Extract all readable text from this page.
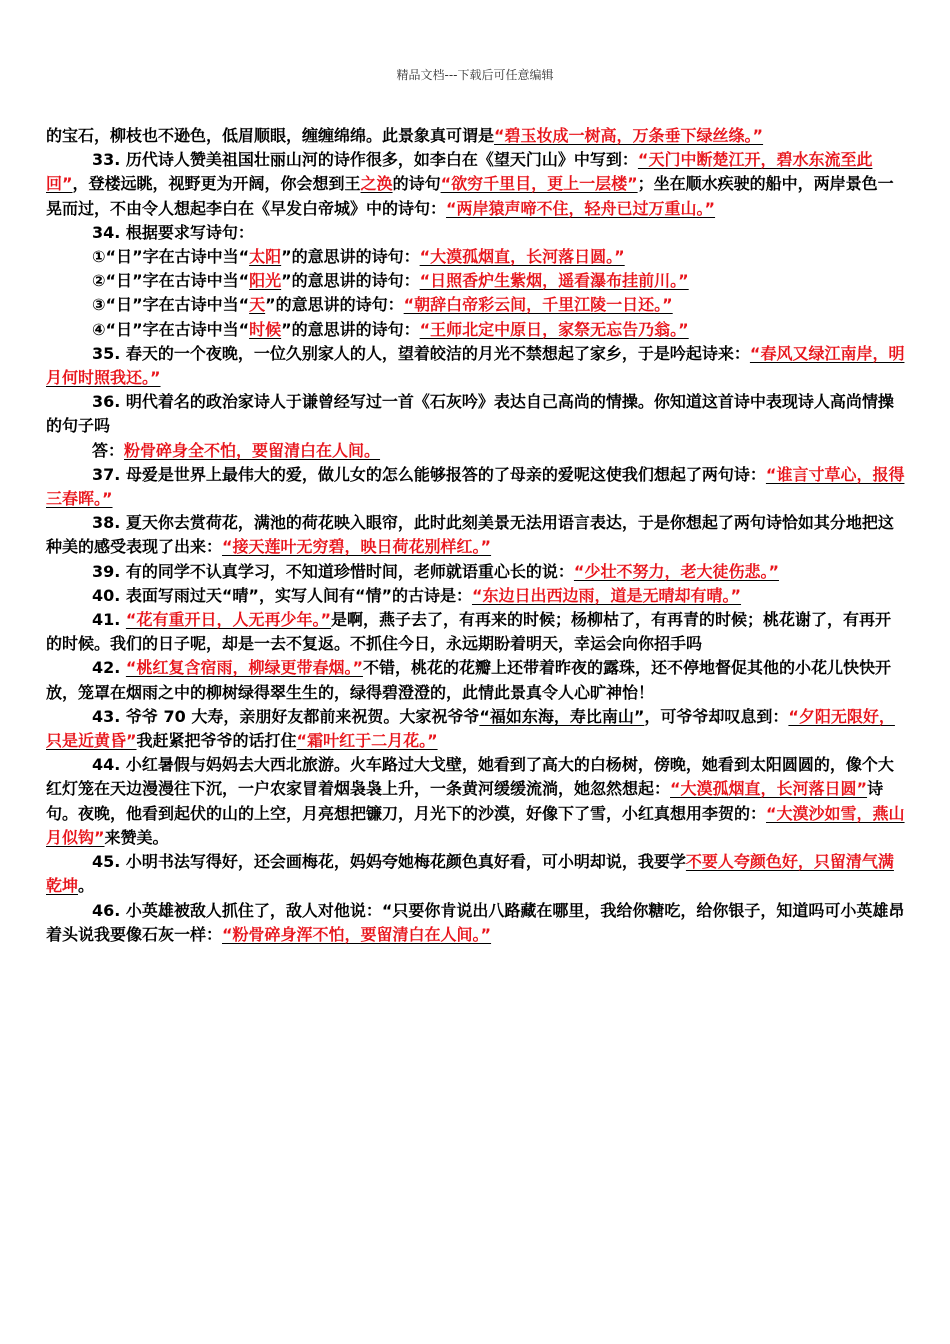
精品文档---下载后可任意编辑

的宝石，柳枝也不逊色，低眉顺眼，缠缠绵绵。此景象真可谓是“碧玉妆成一树高，万条垂下绿丝绦。”

33. 历代诗人赞美祖国壮丽山河的诗作很多，如李白在《望天门山》中写到：“天门中断楚江开，碧水东流至此回”，登楼远眺，视野更为开阔，你会想到王之涣的诗句“欲穷千里目，更上一层楼”；坐在顺水疾驶的船中，两岸景色一晃而过，不由令人想起李白在《早发白帝城》中的诗句：“两岸猿声啼不住，轻舟已过万重山。”

34. 根据要求写诗句：

①“日”字在古诗中当“太阳”的意思讲的诗句：“大漠孤烟直，长河落日圆。”

②“日”字在古诗中当“阳光”的意思讲的诗句：“日照香炉生紫烟，遥看瀑布挂前川。”

③“日”字在古诗中当“天”的意思讲的诗句：“朝辞白帝彩云间，千里江陵一日还。”

④“日”字在古诗中当“时候”的意思讲的诗句：“王师北定中原日，家祭无忘告乃翁。”

35. 春天的一个夜晚，一位久别家人的人，望着皎洁的月光不禁想起了家乡，于是吟起诗来：“春风又绿江南岸，明月何时照我还。”

36. 明代着名的政治家诗人于谦曾经写过一首《石灰吟》表达自己高尚的情操。你知道这首诗中表现诗人高尚情操的句子吗

答：粉骨碎身全不怕，要留清白在人间。

37. 母爱是世界上最伟大的爱，做儿女的怎么能够报答的了母亲的爱呢这使我们想起了两句诗：“谁言寸草心，报得三春晖。”

38. 夏天你去赏荷花，满池的荷花映入眼帘，此时此刻美景无法用语言表达，于是你想起了两句诗恰如其分地把这种美的感受表现了出来：“接天莲叶无穷碧，映日荷花别样红。”

39. 有的同学不认真学习，不知道珍惜时间，老师就语重心长的说：“少壮不努力，老大徒伤悲。”

40. 表面写雨过天“晴”，实写人间有“情”的古诗是：“东边日出西边雨，道是无晴却有晴。”

41. “花有重开日，人无再少年。”是啊，燕子去了，有再来的时候；杨柳枯了，有再青的时候；桃花谢了，有再开的时候。我们的日子呢，却是一去不复返。不抓住今日，永远期盼着明天，幸运会向你招手吗

42. “桃红复含宿雨，柳绿更带春烟。”不错，桃花的花瓣上还带着昨夜的露珠，还不停地督促其他的小花儿快快开放，笼罩在烟雨之中的柳树绿得翠生生的，绿得碧澄澄的，此情此景真令人心旷神怡！

43. 爷爷 70 大寿，亲朋好友都前来祝贺。大家祝爷爷“福如东海，寿比南山”，可爷爷却叹息到：“夕阳无限好，只是近黄昏”我赶紧把爷爷的话打住“霜叶红于二月花。”

44. 小红暑假与妈妈去大西北旅游。火车路过大戈壁，她看到了高大的白杨树，傍晚，她看到太阳圆圆的，像个大红灯笼在天边漫漫往下沉，一户农家冒着烟袅袅上升，一条黄河缓缓流淌，她忽然想起：“大漠孤烟直，长河落日圆”诗句。夜晚，他看到起伏的山的上空，月亮想把镰刀，月光下的沙漠，好像下了雪，小红真想用李贺的：“大漠沙如雪，燕山月似钩”来赞美。

45. 小明书法写得好，还会画梅花，妈妈夸她梅花颜色真好看，可小明却说，我要学不要人夸颜色好，只留清气满乾坤。

46. 小英雄被敌人抓住了，敌人对他说：“只要你肯说出八路藏在哪里，我给你糖吃，给你银子，知道吗可小英雄昂着头说我要像石灰一样：“粉骨碎身浑不怕，要留清白在人间。”
